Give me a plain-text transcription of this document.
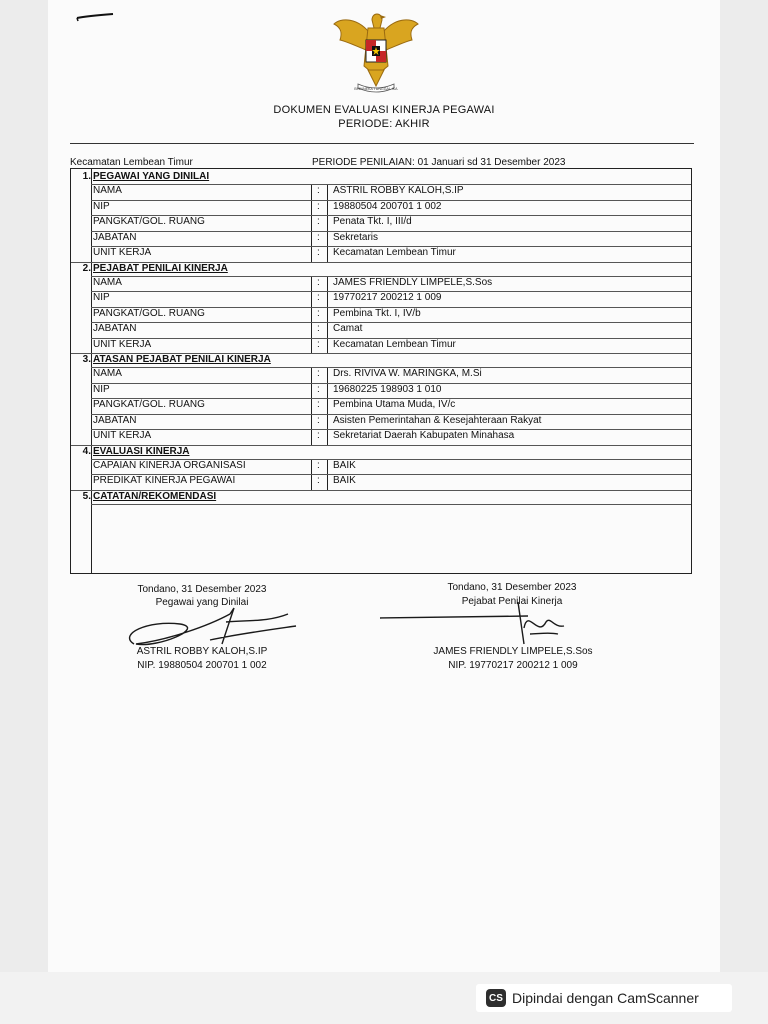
BHINNEKA TUNGGAL IKA
DOKUMEN EVALUASI KINERJA PEGAWAI
PERIODE: AKHIR
Kecamatan Lembean Timur	PERIODE PENILAIAN: 01 Januari sd 31 Desember 2023
1. PEGAWAI YANG DINILAI
NAMA	: ASTRIL ROBBY KALOH,S.IP
NIP	: 19880504 200701 1 002
PANGKAT/GOL. RUANG	: Penata Tkt. I, III/d
JABATAN	: Sekretaris
UNIT KERJA	: Kecamatan Lembean Timur
2. PEJABAT PENILAI KINERJA
NAMA	: JAMES FRIENDLY LIMPELE,S.Sos
NIP	: 19770217 200212 1 009
PANGKAT/GOL. RUANG	: Pembina Tkt. I, IV/b
JABATAN	: Camat
UNIT KERJA	: Kecamatan Lembean Timur
3. ATASAN PEJABAT PENILAI KINERJA
NAMA	: Drs. RIVIVA W. MARINGKA, M.Si
NIP	: 19680225 198903 1 010
PANGKAT/GOL. RUANG	: Pembina Utama Muda, IV/c
JABATAN	: Asisten Pemerintahan & Kesejahteraan Rakyat
UNIT KERJA	: Sekretariat Daerah Kabupaten Minahasa
4. EVALUASI KINERJA
CAPAIAN KINERJA ORGANISASI	: BAIK
PREDIKAT KINERJA PEGAWAI	: BAIK
5. CATATAN/REKOMENDASI
Tondano, 31 Desember 2023
Pegawai yang Dinilai
ASTRIL ROBBY KALOH,S.IP
NIP. 19880504 200701 1 002
Tondano, 31 Desember 2023
Pejabat Penilai Kinerja
JAMES FRIENDLY LIMPELE,S.Sos
NIP. 19770217 200212 1 009
CS Dipindai dengan CamScanner
